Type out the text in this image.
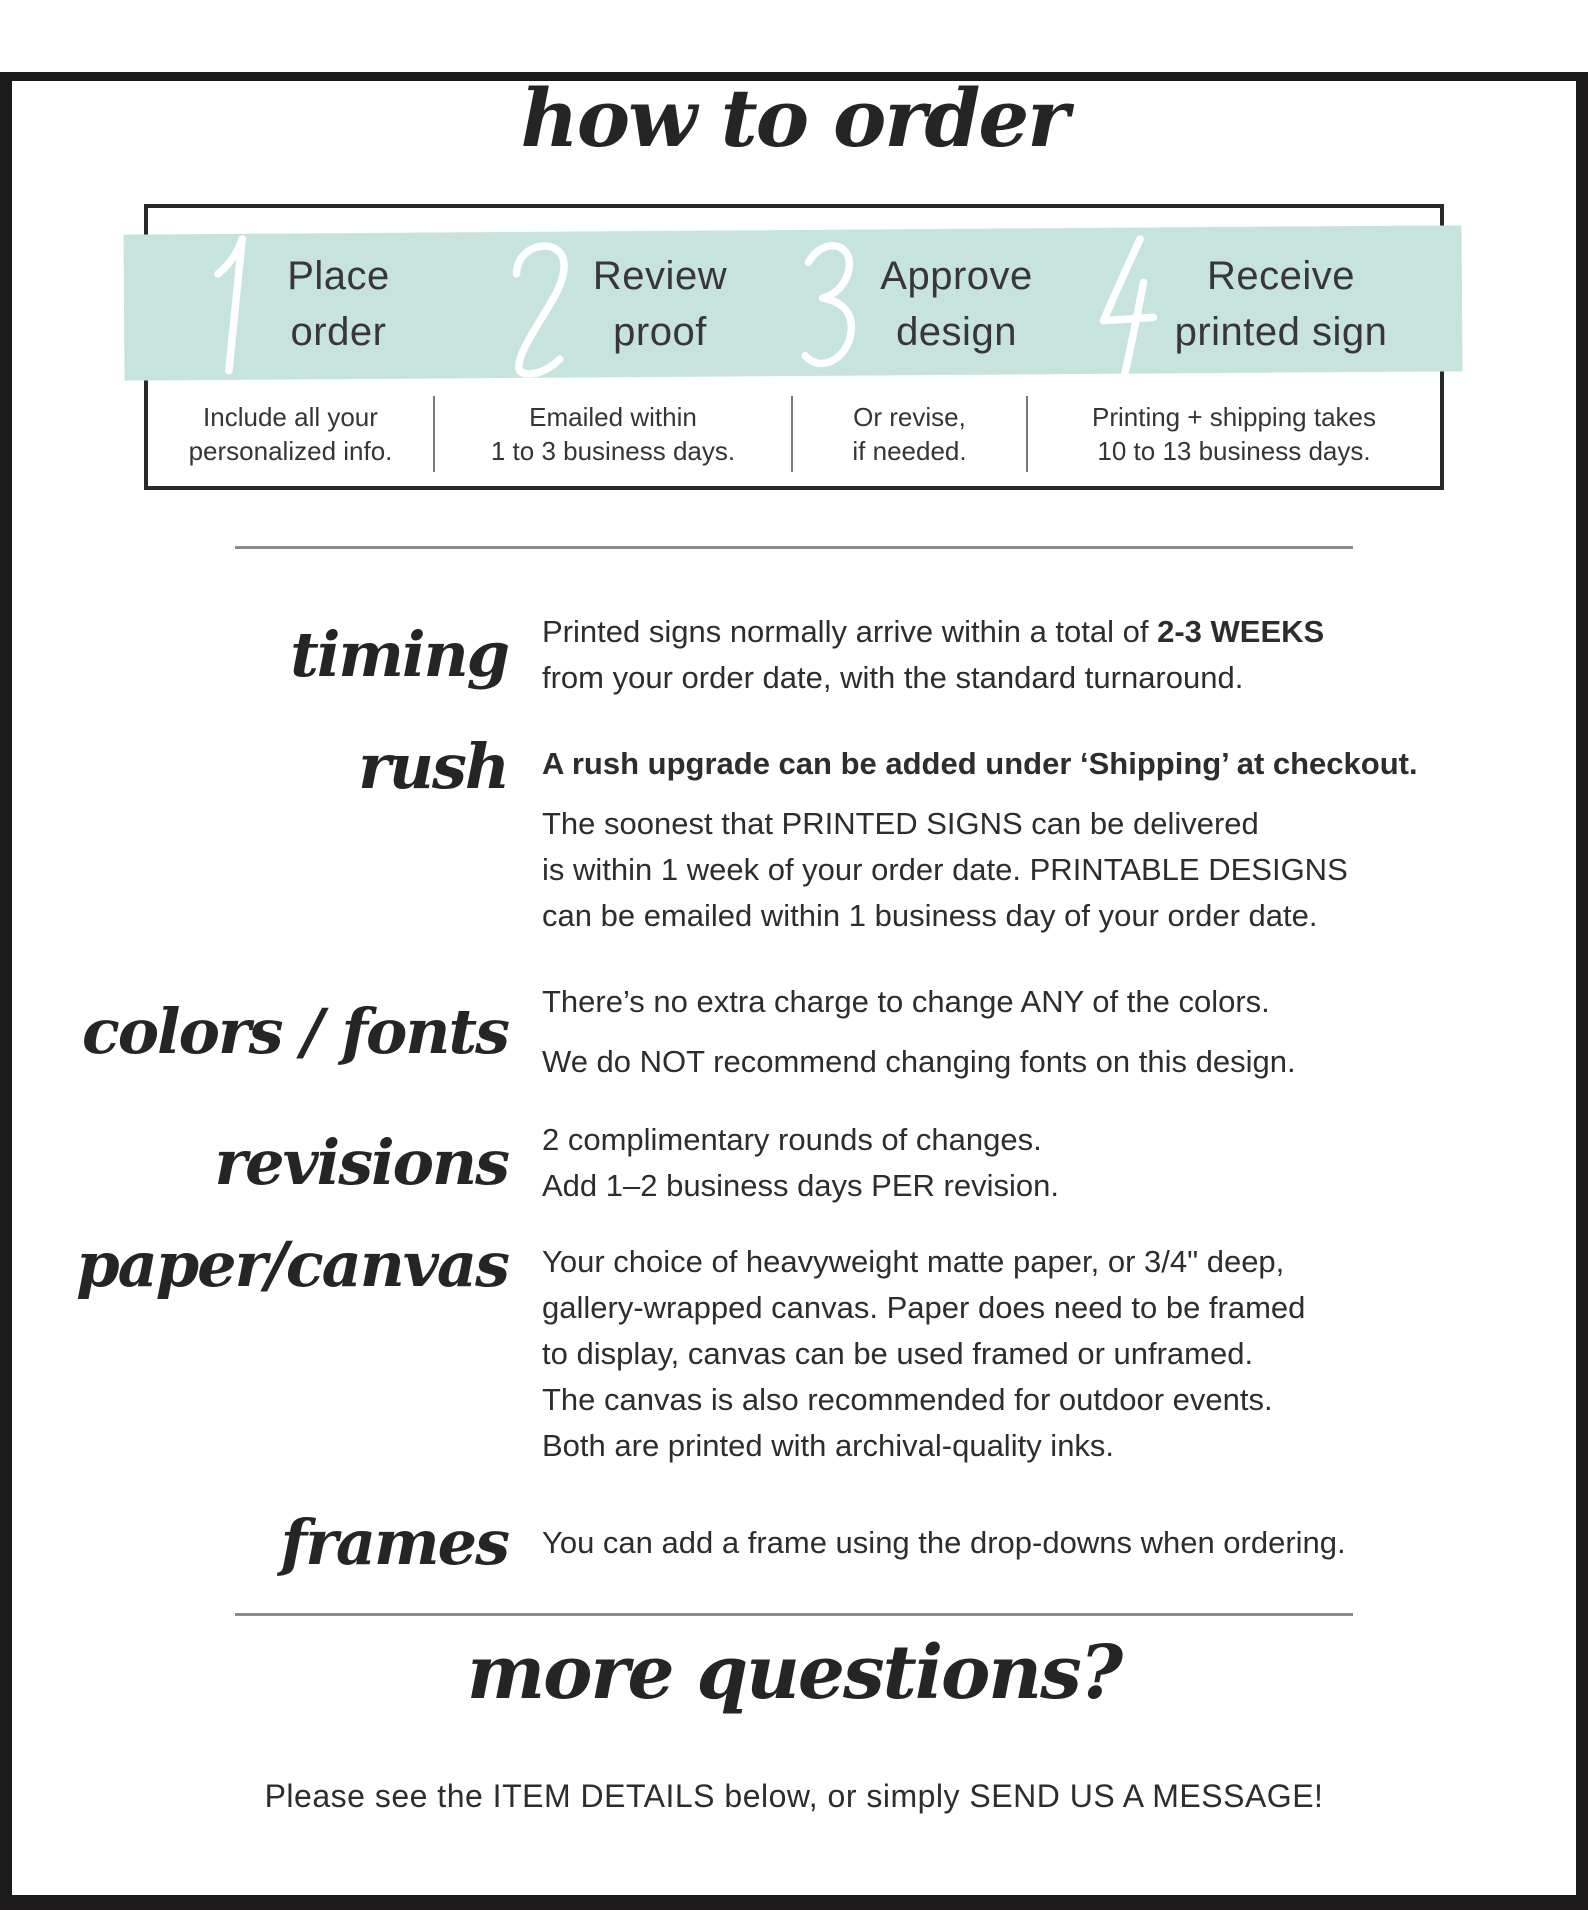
how to order
Place
order
Review
proof
Approve
design
Receive
printed sign
Include all your
personalized info.
Emailed within
1 to 3 business days.
Or revise,
if needed.
Printing + shipping takes
10 to 13 business days.
timing Printed signs normally arrive within a total of 2-3 WEEKS
from your order date, with the standard turnaround.
rush A rush upgrade can be added under ‘Shipping’ at checkout.
The soonest that PRINTED SIGNS can be delivered
is within 1 week of your order date. PRINTABLE DESIGNS
can be emailed within 1 business day of your order date.
colors / fonts There’s no extra charge to change ANY of the colors.
We do NOT recommend changing fonts on this design.
revisions 2 complimentary rounds of changes.
Add 1–2 business days PER revision.
paper/canvas Your choice of heavyweight matte paper, or 3/4" deep,
gallery-wrapped canvas. Paper does need to be framed
to display, canvas can be used framed or unframed.
The canvas is also recommended for outdoor events.
Both are printed with archival-quality inks.
frames You can add a frame using the drop-downs when ordering.
more questions?
Please see the ITEM DETAILS below, or simply SEND US A MESSAGE!
